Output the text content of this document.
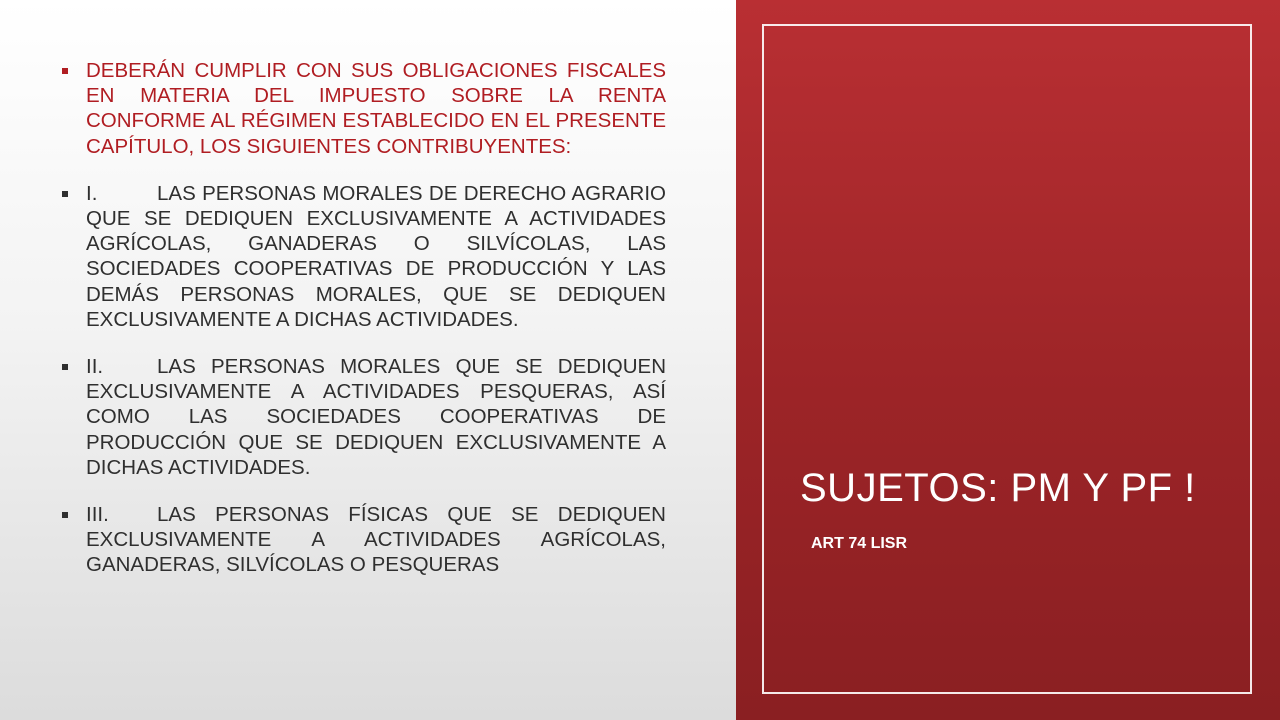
DEBERÁN CUMPLIR CON SUS OBLIGACIONES FISCALES EN MATERIA DEL IMPUESTO SOBRE LA RENTA CONFORME AL RÉGIMEN ESTABLECIDO EN EL PRESENTE CAPÍTULO, LOS SIGUIENTES CONTRIBUYENTES:
I.	LAS PERSONAS MORALES DE DERECHO AGRARIO QUE SE DEDIQUEN EXCLUSIVAMENTE A ACTIVIDADES AGRÍCOLAS, GANADERAS O SILVÍCOLAS, LAS SOCIEDADES COOPERATIVAS DE PRODUCCIÓN Y LAS DEMÁS PERSONAS MORALES, QUE SE DEDIQUEN EXCLUSIVAMENTE A DICHAS ACTIVIDADES.
II.	LAS PERSONAS MORALES QUE SE DEDIQUEN EXCLUSIVAMENTE A ACTIVIDADES PESQUERAS, ASÍ COMO LAS SOCIEDADES COOPERATIVAS DE PRODUCCIÓN QUE SE DEDIQUEN EXCLUSIVAMENTE A DICHAS ACTIVIDADES.
III. LAS PERSONAS FÍSICAS QUE SE DEDIQUEN EXCLUSIVAMENTE A ACTIVIDADES AGRÍCOLAS, GANADERAS, SILVÍCOLAS O PESQUERAS
SUJETOS: PM Y PF !

ART 74 LISR
